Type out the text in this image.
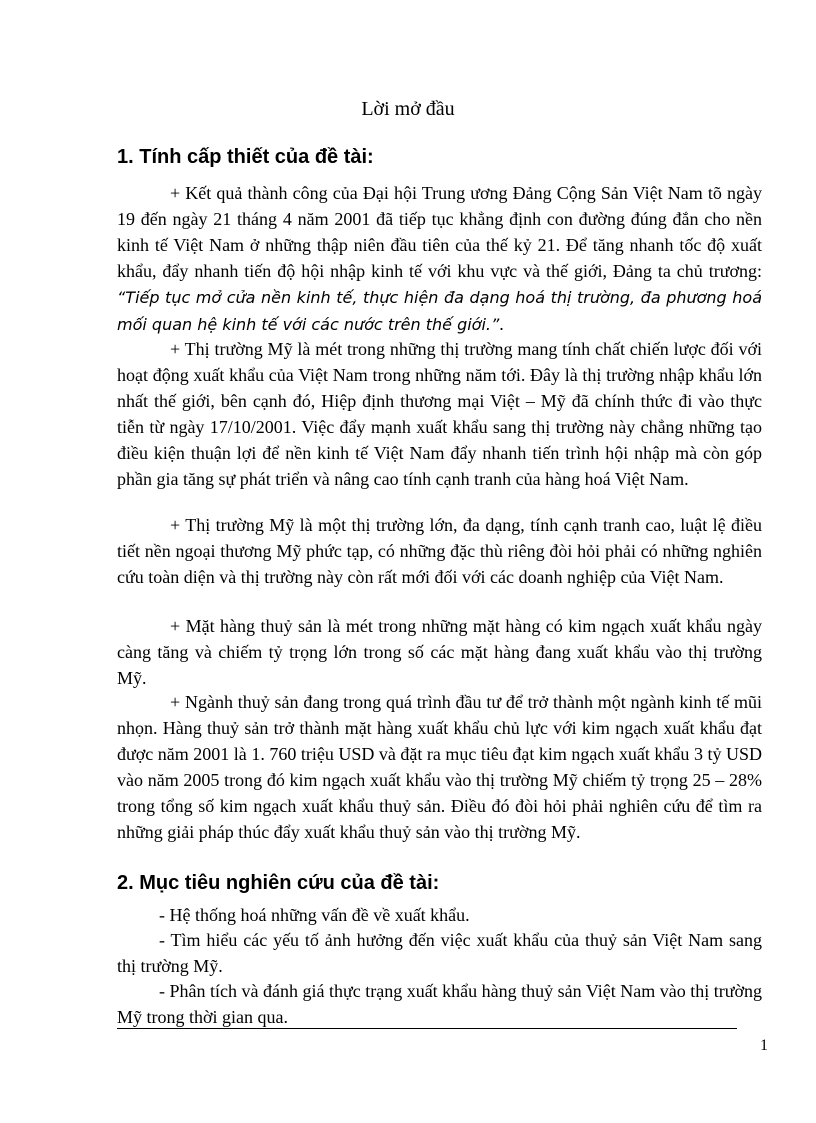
Lời mở đầu
1. Tính cấp thiết của đề tài:

+ Kết quả thành công của Đại hội Trung ương Đảng Cộng Sản Việt Nam tõ ngày 19 đến ngày 21 tháng 4 năm 2001 đã tiếp tục khẳng định con đường đúng đắn cho nền kinh tế Việt Nam ở những thập niên đầu tiên của thế kỷ 21. Để tăng nhanh tốc độ xuất khẩu, đẩy nhanh tiến độ hội nhập kinh tế với khu vực và thế giới, Đảng ta chủ trương: “Tiếp tục mở cửa nền kinh tế, thực hiện đa dạng hoá thị trường, đa phương hoá mối quan hệ kinh tế với các nước trên thế giới.”.

+ Thị trường Mỹ là mét trong những thị trường mang tính chất chiến lược đối với hoạt động xuất khẩu của Việt Nam trong những năm tới. Đây là thị trường nhập khẩu lớn nhất thế giới, bên cạnh đó, Hiệp định thương mại Việt – Mỹ đã chính thức đi vào thực tiễn từ ngày 17/10/2001. Việc đẩy mạnh xuất khẩu sang thị trường này chẳng những tạo điều kiện thuận lợi để nền kinh tế Việt Nam đẩy nhanh tiến trình hội nhập mà còn góp phần gia tăng sự phát triển và nâng cao tính cạnh tranh của hàng hoá Việt Nam.

+ Thị trường Mỹ là một thị trường lớn, đa dạng, tính cạnh tranh cao, luật lệ điều tiết nền ngoại thương Mỹ phức tạp, có những đặc thù riêng đòi hỏi phải có những nghiên cứu toàn diện và thị trường này còn rất mới đối với các doanh nghiệp của Việt Nam.

+ Mặt hàng thuỷ sản là mét trong những mặt hàng có kim ngạch xuất khẩu ngày càng tăng và chiếm tỷ trọng lớn trong số các mặt hàng đang xuất khẩu vào thị trường Mỹ.

+ Ngành thuỷ sản đang trong quá trình đầu tư để trở thành một ngành kinh tế mũi nhọn. Hàng thuỷ sản trở thành mặt hàng xuất khẩu chủ lực với kim ngạch xuất khẩu đạt được năm 2001 là 1. 760 triệu USD và đặt ra mục tiêu đạt kim ngạch xuất khẩu 3 tỷ USD vào năm 2005 trong đó kim ngạch xuất khẩu vào thị trường Mỹ chiếm tỷ trọng 25 – 28% trong tổng số kim ngạch xuất khẩu thuỷ sản. Điều đó đòi hỏi phải nghiên cứu để tìm ra những giải pháp thúc đẩy xuất khẩu thuỷ sản vào thị trường Mỹ.

2. Mục tiêu nghiên cứu của đề tài:

- Hệ thống hoá những vấn đề về xuất khẩu.

- Tìm hiểu các yếu tố ảnh hưởng đến việc xuất khẩu của thuỷ sản Việt Nam sang thị trường Mỹ.

- Phân tích và đánh giá thực trạng xuất khẩu hàng thuỷ sản Việt Nam vào thị trường Mỹ trong thời gian qua.

1
